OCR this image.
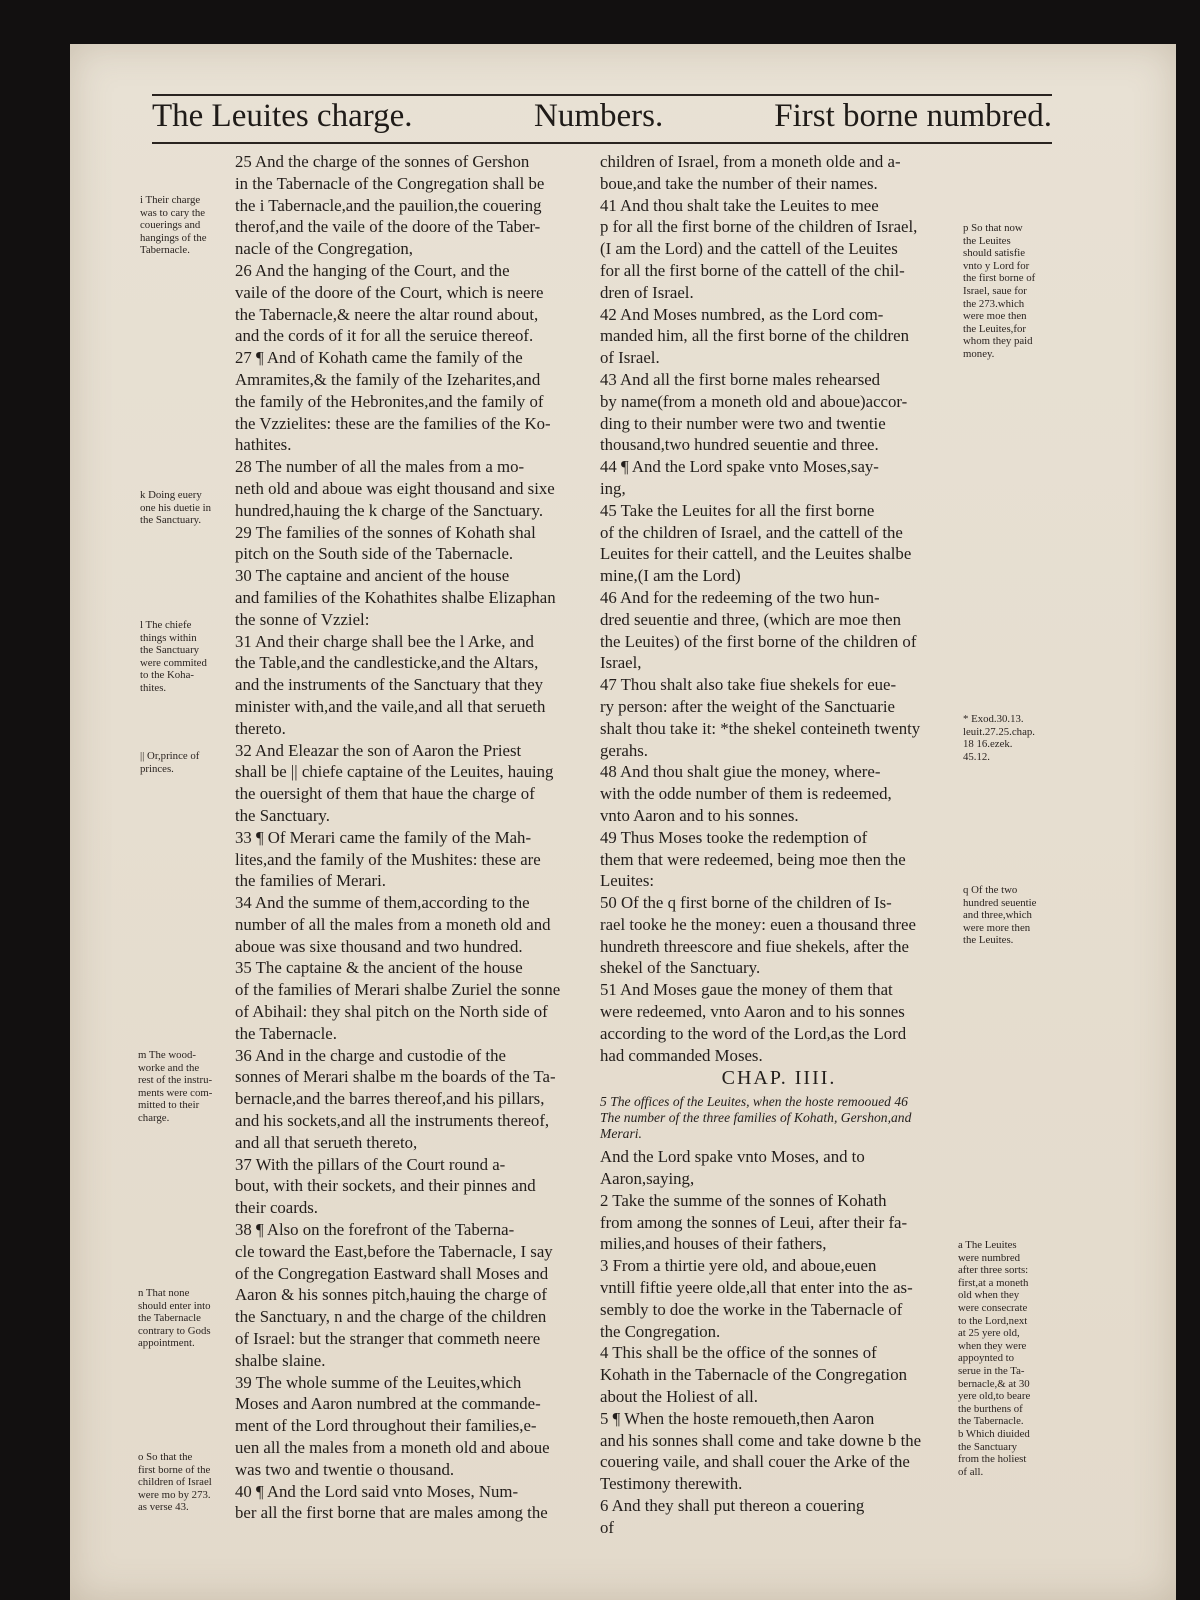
The Leuites charge.	Numbers.	First borne numbred.

25 And the charge of the sonnes of Gershon

in the Tabernacle of the Congregation shall be

the i Tabernacle,and the pauilion,the couering

therof,and the vaile of the doore of the Taber-

nacle of the Congregation,

26 And the hanging of the Court, and the

vaile of the doore of the Court, which is neere

the Tabernacle,& neere the altar round about,

and the cords of it for all the seruice thereof.

27 ¶ And of Kohath came the family of the

Amramites,& the family of the Izeharites,and

the family of the Hebronites,and the family of

the Vzzielites: these are the families of the Ko-

hathites.

28 The number of all the males from a mo-

neth old and aboue was eight thousand and sixe

hundred,hauing the k charge of the Sanctuary.

29 The families of the sonnes of Kohath shal

pitch on the South side of the Tabernacle.

30 The captaine and ancient of the house

and families of the Kohathites shalbe Elizaphan

the sonne of Vzziel:

31 And their charge shall bee the l Arke, and

the Table,and the candlesticke,and the Altars,

and the instruments of the Sanctuary that they

minister with,and the vaile,and all that serueth

thereto.

32 And Eleazar the son of Aaron the Priest

shall be || chiefe captaine of the Leuites, hauing

the ouersight of them that haue the charge of

the Sanctuary.

33 ¶ Of Merari came the family of the Mah-

lites,and the family of the Mushites: these are

the families of Merari.

34 And the summe of them,according to the

number of all the males from a moneth old and

aboue was sixe thousand and two hundred.

35 The captaine & the ancient of the house

of the families of Merari shalbe Zuriel the sonne

of Abihail: they shal pitch on the North side of

the Tabernacle.

36 And in the charge and custodie of the

sonnes of Merari shalbe m the boards of the Ta-

bernacle,and the barres thereof,and his pillars,

and his sockets,and all the instruments thereof,

and all that serueth thereto,

37 With the pillars of the Court round a-

bout, with their sockets, and their pinnes and

their coards.

38 ¶ Also on the forefront of the Taberna-

cle toward the East,before the Tabernacle, I say

of the Congregation Eastward shall Moses and

Aaron & his sonnes pitch,hauing the charge of

the Sanctuary, n and the charge of the children

of Israel: but the stranger that commeth neere

shalbe slaine.

39 The whole summe of the Leuites,which

Moses and Aaron numbred at the commande-

ment of the Lord throughout their families,e-

uen all the males from a moneth old and aboue

was two and twentie o thousand.

40 ¶ And the Lord said vnto Moses, Num-

ber all the first borne that are males among the

children of Israel, from a moneth olde and a-

boue,and take the number of their names.

41 And thou shalt take the Leuites to mee

p for all the first borne of the children of Israel,

(I am the Lord) and the cattell of the Leuites

for all the first borne of the cattell of the chil-

dren of Israel.

42 And Moses numbred, as the Lord com-

manded him, all the first borne of the children

of Israel.

43 And all the first borne males rehearsed

by name(from a moneth old and aboue)accor-

ding to their number were two and twentie

thousand,two hundred seuentie and three.

44 ¶ And the Lord spake vnto Moses,say-

ing,

45 Take the Leuites for all the first borne

of the children of Israel, and the cattell of the

Leuites for their cattell, and the Leuites shalbe

mine,(I am the Lord)

46 And for the redeeming of the two hun-

dred seuentie and three, (which are moe then

the Leuites) of the first borne of the children of

Israel,

47 Thou shalt also take fiue shekels for eue-

ry person: after the weight of the Sanctuarie

shalt thou take it: *the shekel conteineth twenty

gerahs.

48 And thou shalt giue the money, where-

with the odde number of them is redeemed,

vnto Aaron and to his sonnes.

49 Thus Moses tooke the redemption of

them that were redeemed, being moe then the

Leuites:

50 Of the q first borne of the children of Is-

rael tooke he the money: euen a thousand three

hundreth threescore and fiue shekels, after the

shekel of the Sanctuary.

51 And Moses gaue the money of them that

were redeemed, vnto Aaron and to his sonnes

according to the word of the Lord,as the Lord

had commanded Moses.

CHAP. IIII.

5 The offices of the Leuites, when the hoste remooued 46

The number of the three families of Kohath, Gershon,and

Merari.

And the Lord spake vnto Moses, and to

Aaron,saying,

2 Take the summe of the sonnes of Kohath

from among the sonnes of Leui, after their fa-

milies,and houses of their fathers,

3 From a thirtie yere old, and aboue,euen

vntill fiftie yeere olde,all that enter into the as-

sembly to doe the worke in the Tabernacle of

the Congregation.

4 This shall be the office of the sonnes of

Kohath in the Tabernacle of the Congregation

about the Holiest of all.

5 ¶ When the hoste remoueth,then Aaron

and his sonnes shall come and take downe b the

couering vaile, and shall couer the Arke of the

Testimony therewith.

6 And they shall put thereon a couering

of

i Their charge

was to cary the

couerings and

hangings of the

Tabernacle.

k Doing euery

one his duetie in

the Sanctuary.

l The chiefe

things within

the Sanctuary

were commited

to the Koha-

thites.

|| Or,prince of

princes.

m The wood-

worke and the

rest of the instru-

ments were com-

mitted to their

charge.

n That none

should enter into

the Tabernacle

contrary to Gods

appointment.

o So that the

first borne of the

children of Israel

were mo by 273.

as verse 43.

p So that now

the Leuites

should satisfie

vnto y Lord for

the first borne of

Israel, saue for

the 273.which

were moe then

the Leuites,for

whom they paid

money.

* Exod.30.13.

leuit.27.25.chap.

18 16.ezek.

45.12.

q Of the two

hundred seuentie

and three,which

were more then

the Leuites.

a The Leuites

were numbred

after three sorts:

first,at a moneth

old when they

were consecrate

to the Lord,next

at 25 yere old,

when they were

appoynted to

serue in the Ta-

bernacle,& at 30

yere old,to beare

the burthens of

the Tabernacle.

b Which diuided

the Sanctuary

from the holiest

of all.
